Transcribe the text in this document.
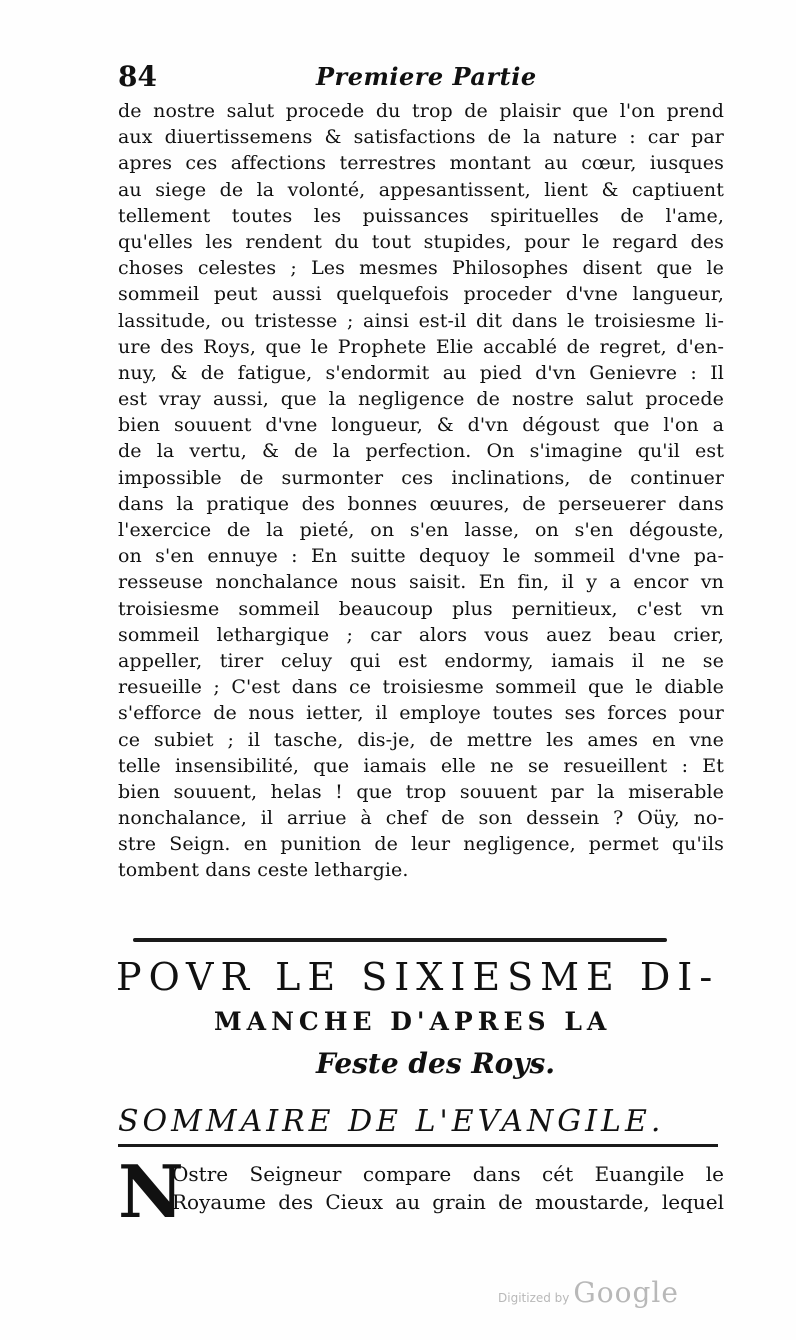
84	Premiere Partie
de nostre salut procede du trop de plaisir que l'on prend
aux diuertissemens & satisfactions de la nature : car par
apres ces affections terrestres montant au cœur, iusques
au siege de la volonté, appesantissent, lient & captiuent
tellement toutes les puissances spirituelles de l'ame,
qu'elles les rendent du tout stupides, pour le regard des
choses celestes ; Les mesmes Philosophes disent que le
sommeil peut aussi quelquefois proceder d'vne langueur,
lassitude, ou tristesse ; ainsi est-il dit dans le troisiesme li-
ure des Roys, que le Prophete Elie accablé de regret, d'en-
nuy, & de fatigue, s'endormit au pied d'vn Genievre : Il
est vray aussi, que la negligence de nostre salut procede
bien souuent d'vne longueur, & d'vn dégoust que l'on a
de la vertu, & de la perfection. On s'imagine qu'il est
impossible de surmonter ces inclinations, de continuer
dans la pratique des bonnes œuures, de perseuerer dans
l'exercice de la pieté, on s'en lasse, on s'en dégouste,
on s'en ennuye : En suitte dequoy le sommeil d'vne pa-
resseuse nonchalance nous saisit. En fin, il y a encor vn
troisiesme sommeil beaucoup plus pernitieux, c'est vn
sommeil lethargique ; car alors vous auez beau crier,
appeller, tirer celuy qui est endormy, iamais il ne se
resueille ; C'est dans ce troisiesme sommeil que le diable
s'efforce de nous ietter, il employe toutes ses forces pour
ce subiet ; il tasche, dis-je, de mettre les ames en vne
telle insensibilité, que iamais elle ne se resueillent : Et
bien souuent, helas ! que trop souuent par la miserable
nonchalance, il arriue à chef de son dessein ? Oüy, no-
stre Seign. en punition de leur negligence, permet qu'ils
tombent dans ceste lethargie.
POVR LE SIXIESME DI-
MANCHE D'APRES LA
Feste des Roys.
SOMMAIRE DE L'EVANGILE.
N
Ostre Seigneur compare dans cét Euangile le
Royaume des Cieux au grain de moustarde, lequel
Digitized by Google
